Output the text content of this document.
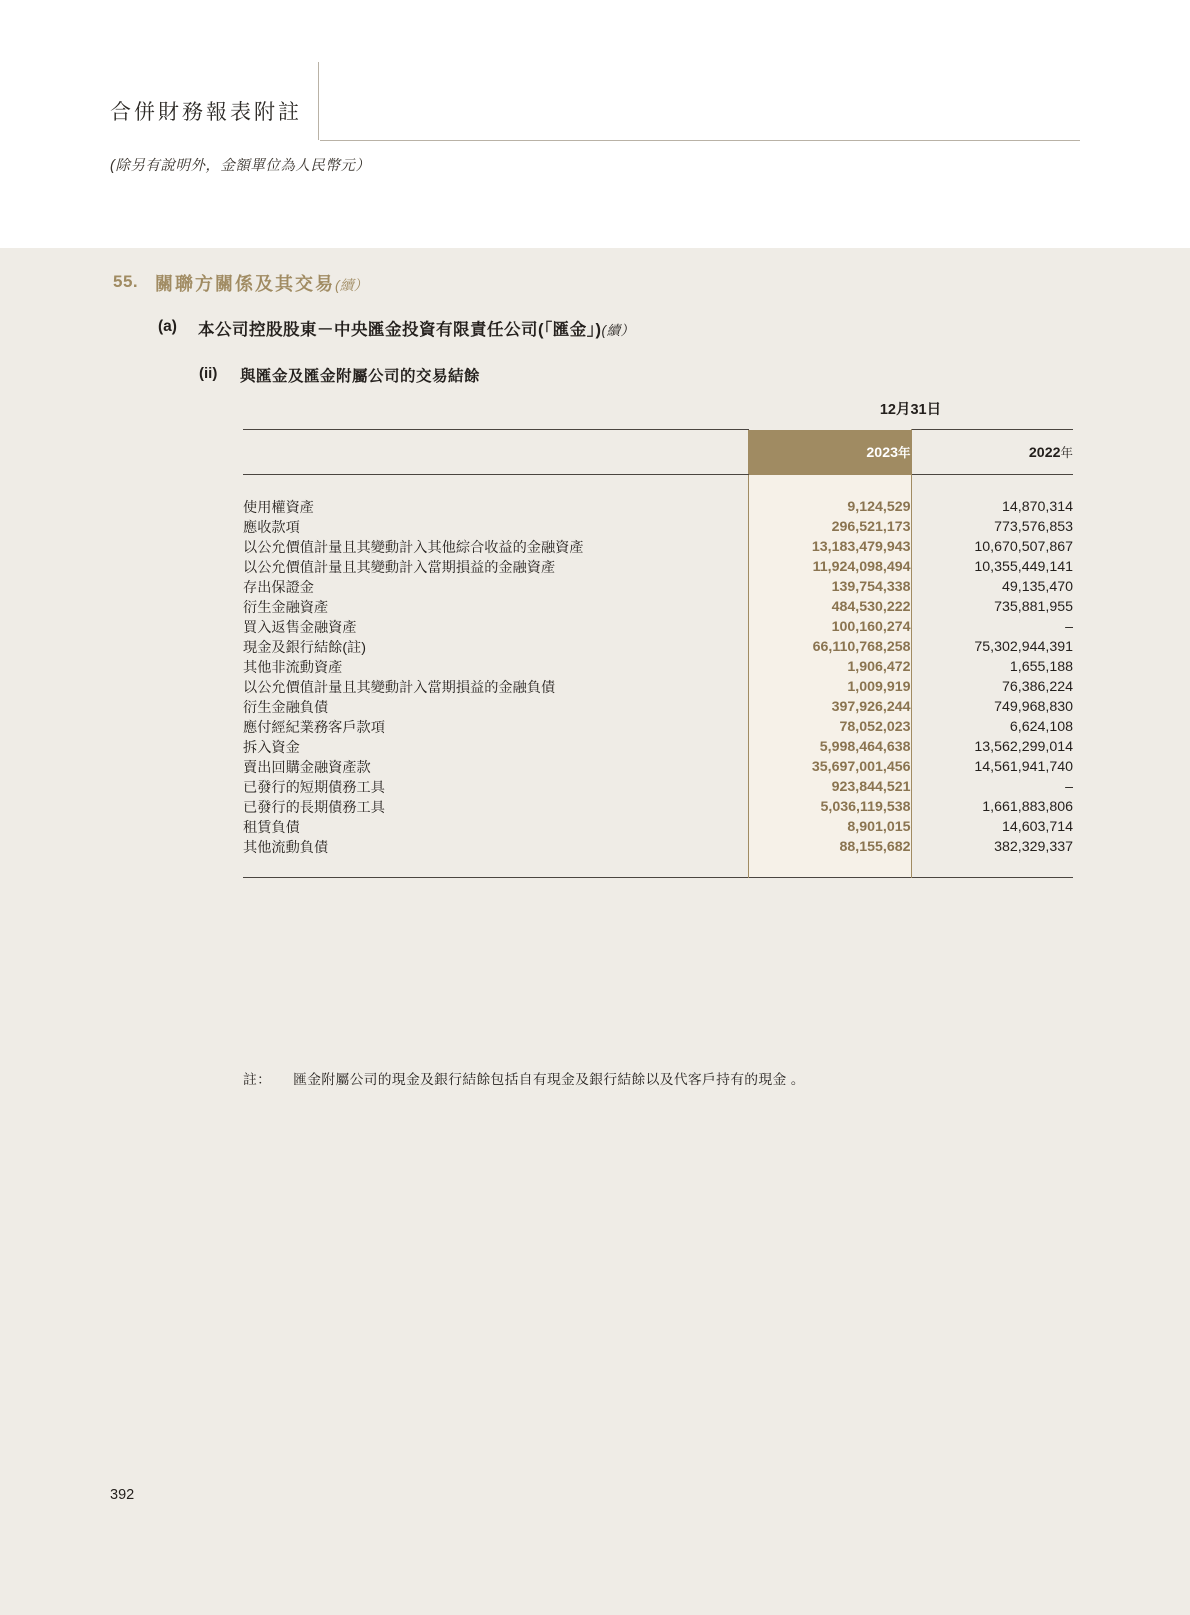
合併財務報表附註
(除另有說明外，金額單位為人民幣元）
55. 關聯方關係及其交易(續）
(a) 本公司控股股東－中央匯金投資有限責任公司(「匯金」)(續）
(ii) 與匯金及匯金附屬公司的交易結餘
12月31日
	2023年	2022年
使用權資產	9,124,529	14,870,314
應收款項	296,521,173	773,576,853
以公允價值計量且其變動計入其他綜合收益的金融資產	13,183,479,943	10,670,507,867
以公允價值計量且其變動計入當期損益的金融資產	11,924,098,494	10,355,449,141
存出保證金	139,754,338	49,135,470
衍生金融資產	484,530,222	735,881,955
買入返售金融資產	100,160,274	–
現金及銀行結餘(註)	66,110,768,258	75,302,944,391
其他非流動資產	1,906,472	1,655,188
以公允價值計量且其變動計入當期損益的金融負債	1,009,919	76,386,224
衍生金融負債	397,926,244	749,968,830
應付經紀業務客戶款項	78,052,023	6,624,108
拆入資金	5,998,464,638	13,562,299,014
賣出回購金融資產款	35,697,001,456	14,561,941,740
已發行的短期債務工具	923,844,521	–
已發行的長期債務工具	5,036,119,538	1,661,883,806
租賃負債	8,901,015	14,603,714
其他流動負債	88,155,682	382,329,337

註： 匯金附屬公司的現金及銀行結餘包括自有現金及銀行結餘以及代客戶持有的現金 。
392
